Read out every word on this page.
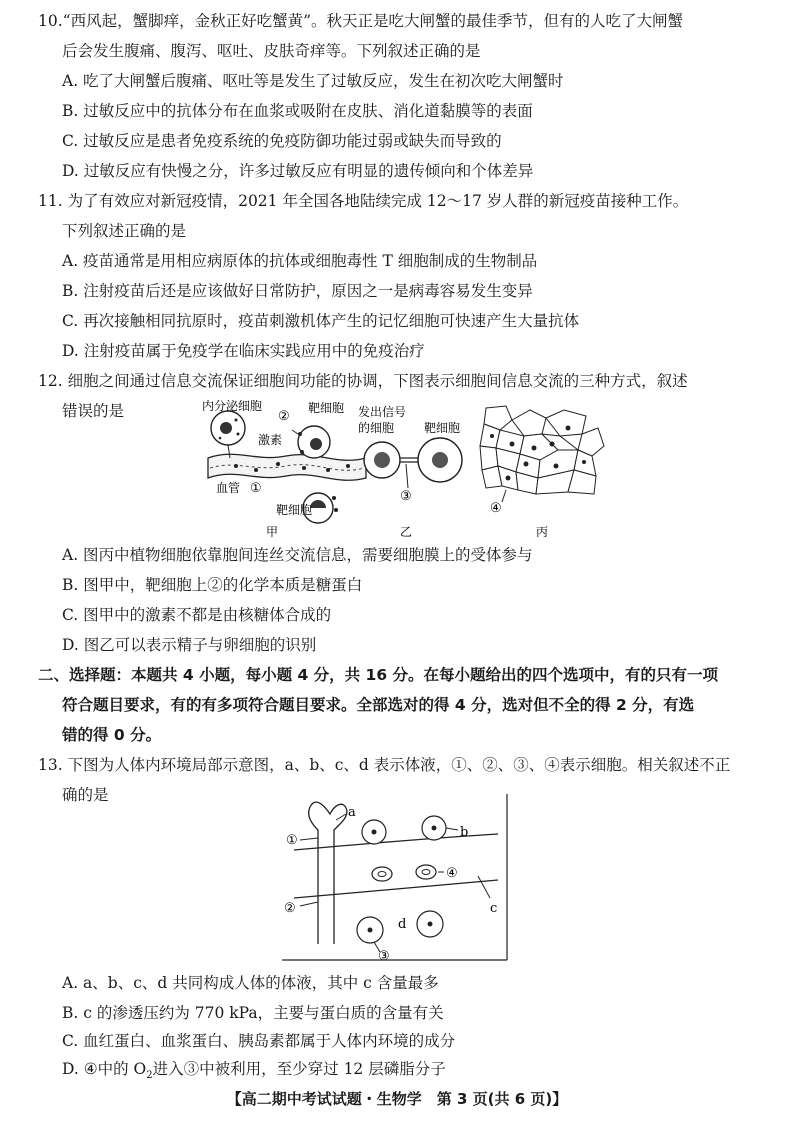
10.“西风起，蟹脚痒，金秋正好吃蟹黄”。秋天正是吃大闸蟹的最佳季节，但有的人吃了大闸蟹
后会发生腹痛、腹泻、呕吐、皮肤奇痒等。下列叙述正确的是
A. 吃了大闸蟹后腹痛、呕吐等是发生了过敏反应，发生在初次吃大闸蟹时
B. 过敏反应中的抗体分布在血浆或吸附在皮肤、消化道黏膜等的表面
C. 过敏反应是患者免疫系统的免疫防御功能过弱或缺失而导致的
D. 过敏反应有快慢之分，许多过敏反应有明显的遗传倾向和个体差异
11. 为了有效应对新冠疫情，2021 年全国各地陆续完成 12～17 岁人群的新冠疫苗接种工作。
下列叙述正确的是
A. 疫苗通常是用相应病原体的抗体或细胞毒性 T 细胞制成的生物制品
B. 注射疫苗后还是应该做好日常防护，原因之一是病毒容易发生变异
C. 再次接触相同抗原时，疫苗刺激机体产生的记忆细胞可快速产生大量抗体
D. 注射疫苗属于免疫学在临床实践应用中的免疫治疗
12. 细胞之间通过信息交流保证细胞间功能的协调，下图表示细胞间信息交流的三种方式，叙述
错误的是	内分泌细胞
②
靶细胞
激素
血管 ①
靶细胞
甲
发出信号
的细胞 靶细胞
③
乙
④
丙
A. 图丙中植物细胞依靠胞间连丝交流信息，需要细胞膜上的受体参与
B. 图甲中，靶细胞上②的化学本质是糖蛋白
C. 图甲中的激素不都是由核糖体合成的
D. 图乙可以表示精子与卵细胞的识别
二、选择题：本题共 4 小题，每小题 4 分，共 16 分。在每小题给出的四个选项中，有的只有一项
符合题目要求，有的有多项符合题目要求。全部选对的得 4 分，选对但不全的得 2 分，有选
错的得 0 分。
13. 下图为人体内环境局部示意图，a、b、c、d 表示体液，①、②、③、④表示细胞。相关叙述不正
确的是
a
b
④
c
d
①
②
③
A. a、b、c、d 共同构成人体的体液，其中 c 含量最多
B. c 的渗透压约为 770 kPa，主要与蛋白质的含量有关
C. 血红蛋白、血浆蛋白、胰岛素都属于人体内环境的成分
D. ④中的 $O_2$进入③中被利用，至少穿过 12 层磷脂分子
【高二期中考试试题・生物学　第 3 页(共 6 页)】
